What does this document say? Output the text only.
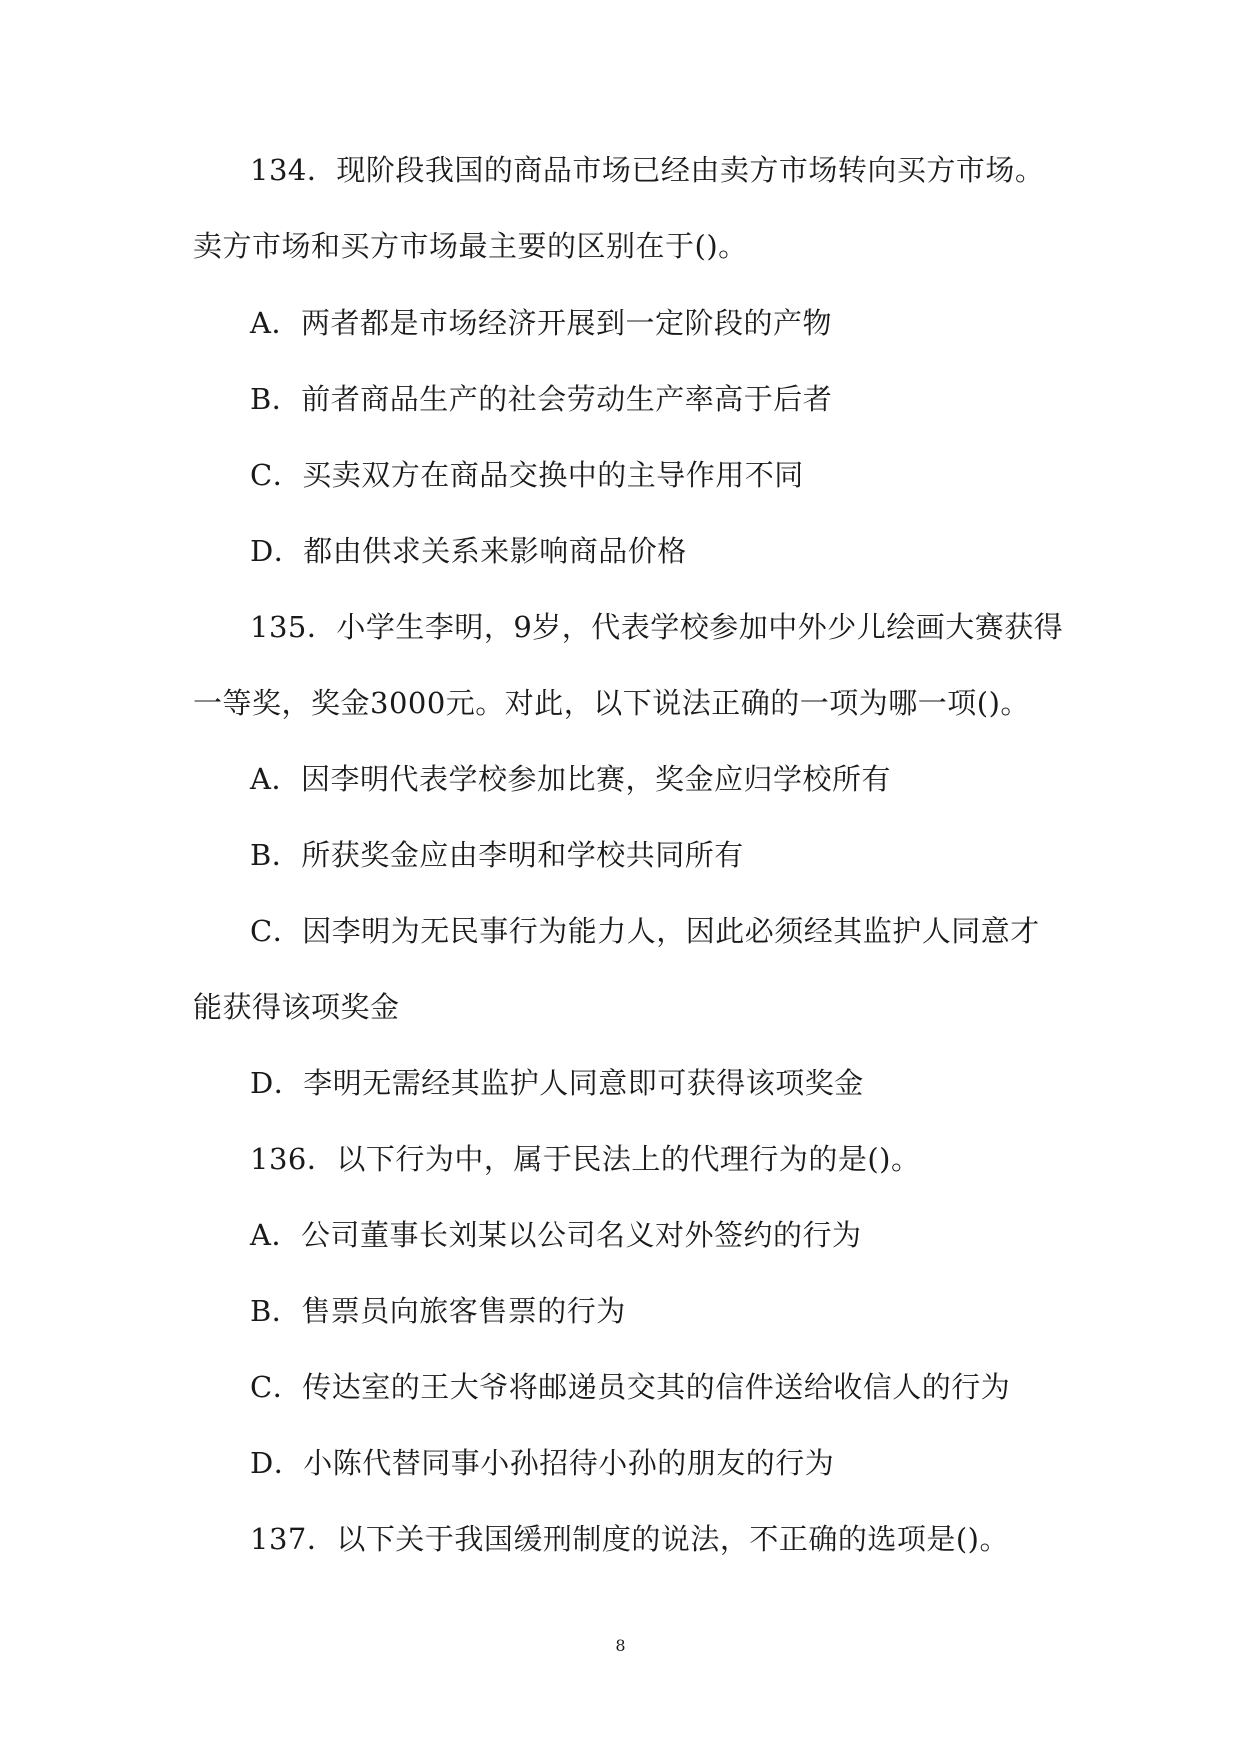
134．现阶段我国的商品市场已经由卖方市场转向买方市场。
卖方市场和买方市场最主要的区别在于()。
A．两者都是市场经济开展到一定阶段的产物
B．前者商品生产的社会劳动生产率高于后者
C．买卖双方在商品交换中的主导作用不同
D．都由供求关系来影响商品价格
135．小学生李明，9岁，代表学校参加中外少儿绘画大赛获得
一等奖，奖金3000元。对此，以下说法正确的一项为哪一项()。
A．因李明代表学校参加比赛，奖金应归学校所有
B．所获奖金应由李明和学校共同所有
C．因李明为无民事行为能力人，因此必须经其监护人同意才
能获得该项奖金
D．李明无需经其监护人同意即可获得该项奖金
136．以下行为中，属于民法上的代理行为的是()。
A．公司董事长刘某以公司名义对外签约的行为
B．售票员向旅客售票的行为
C．传达室的王大爷将邮递员交其的信件送给收信人的行为
D．小陈代替同事小孙招待小孙的朋友的行为
137．以下关于我国缓刑制度的说法，不正确的选项是()。
8
